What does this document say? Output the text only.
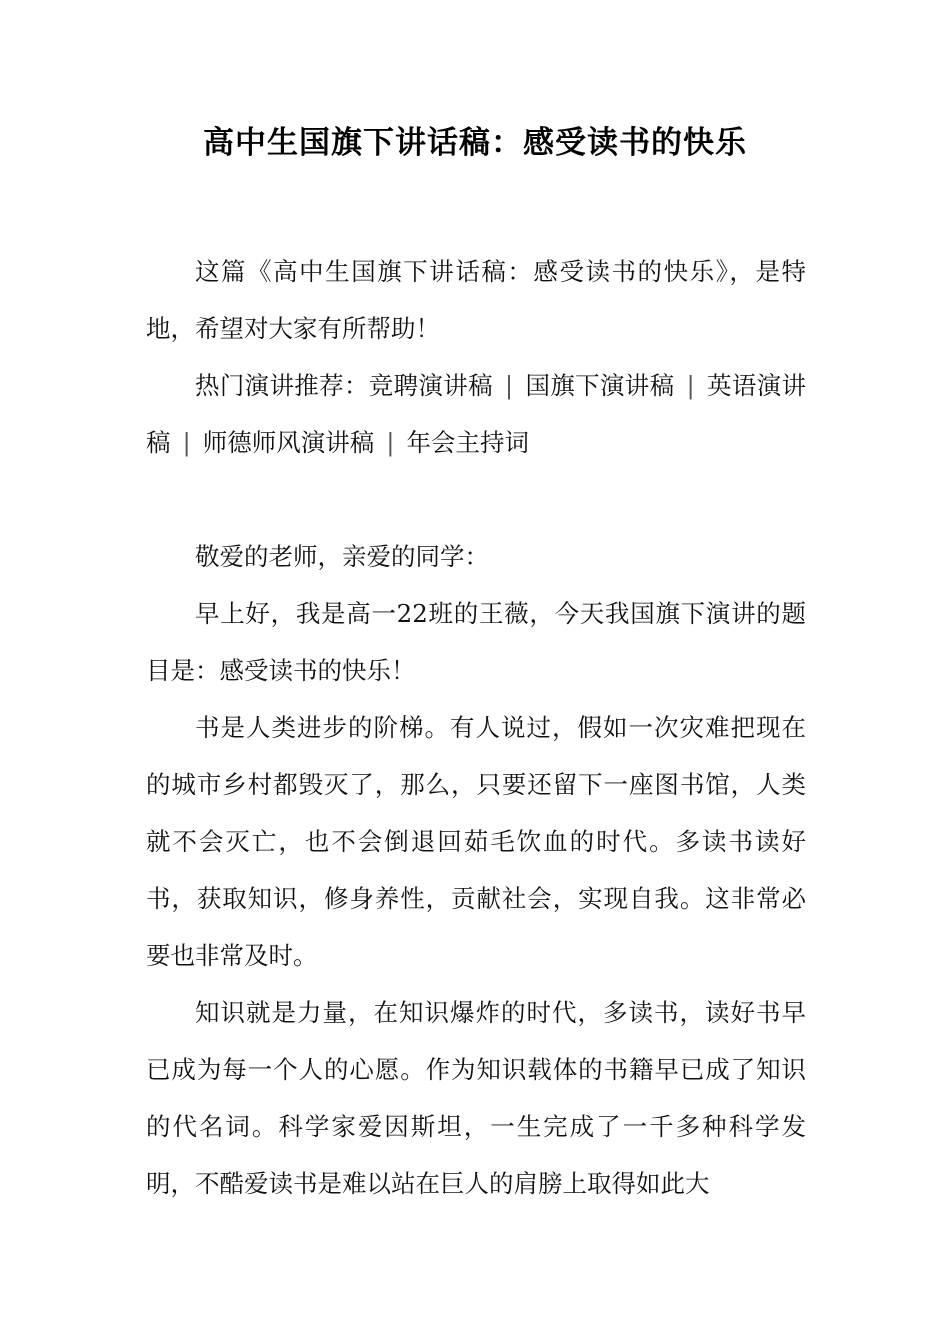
高中生国旗下讲话稿：感受读书的快乐

这篇《高中生国旗下讲话稿：感受读书的快乐》，是特地，希望对大家有所帮助！

热门演讲推荐：竞聘演讲稿 | 国旗下演讲稿 | 英语演讲稿 | 师德师风演讲稿 | 年会主持词

敬爱的老师，亲爱的同学：

早上好，我是高一22班的王薇，今天我国旗下演讲的题目是：感受读书的快乐！

书是人类进步的阶梯。有人说过，假如一次灾难把现在的城市乡村都毁灭了，那么，只要还留下一座图书馆，人类就不会灭亡，也不会倒退回茹毛饮血的时代。多读书读好书，获取知识，修身养性，贡献社会，实现自我。这非常必要也非常及时。

知识就是力量，在知识爆炸的时代，多读书，读好书早已成为每一个人的心愿。作为知识载体的书籍早已成了知识的代名词。科学家爱因斯坦，一生完成了一千多种科学发明，不酷爱读书是难以站在巨人的肩膀上取得如此大
